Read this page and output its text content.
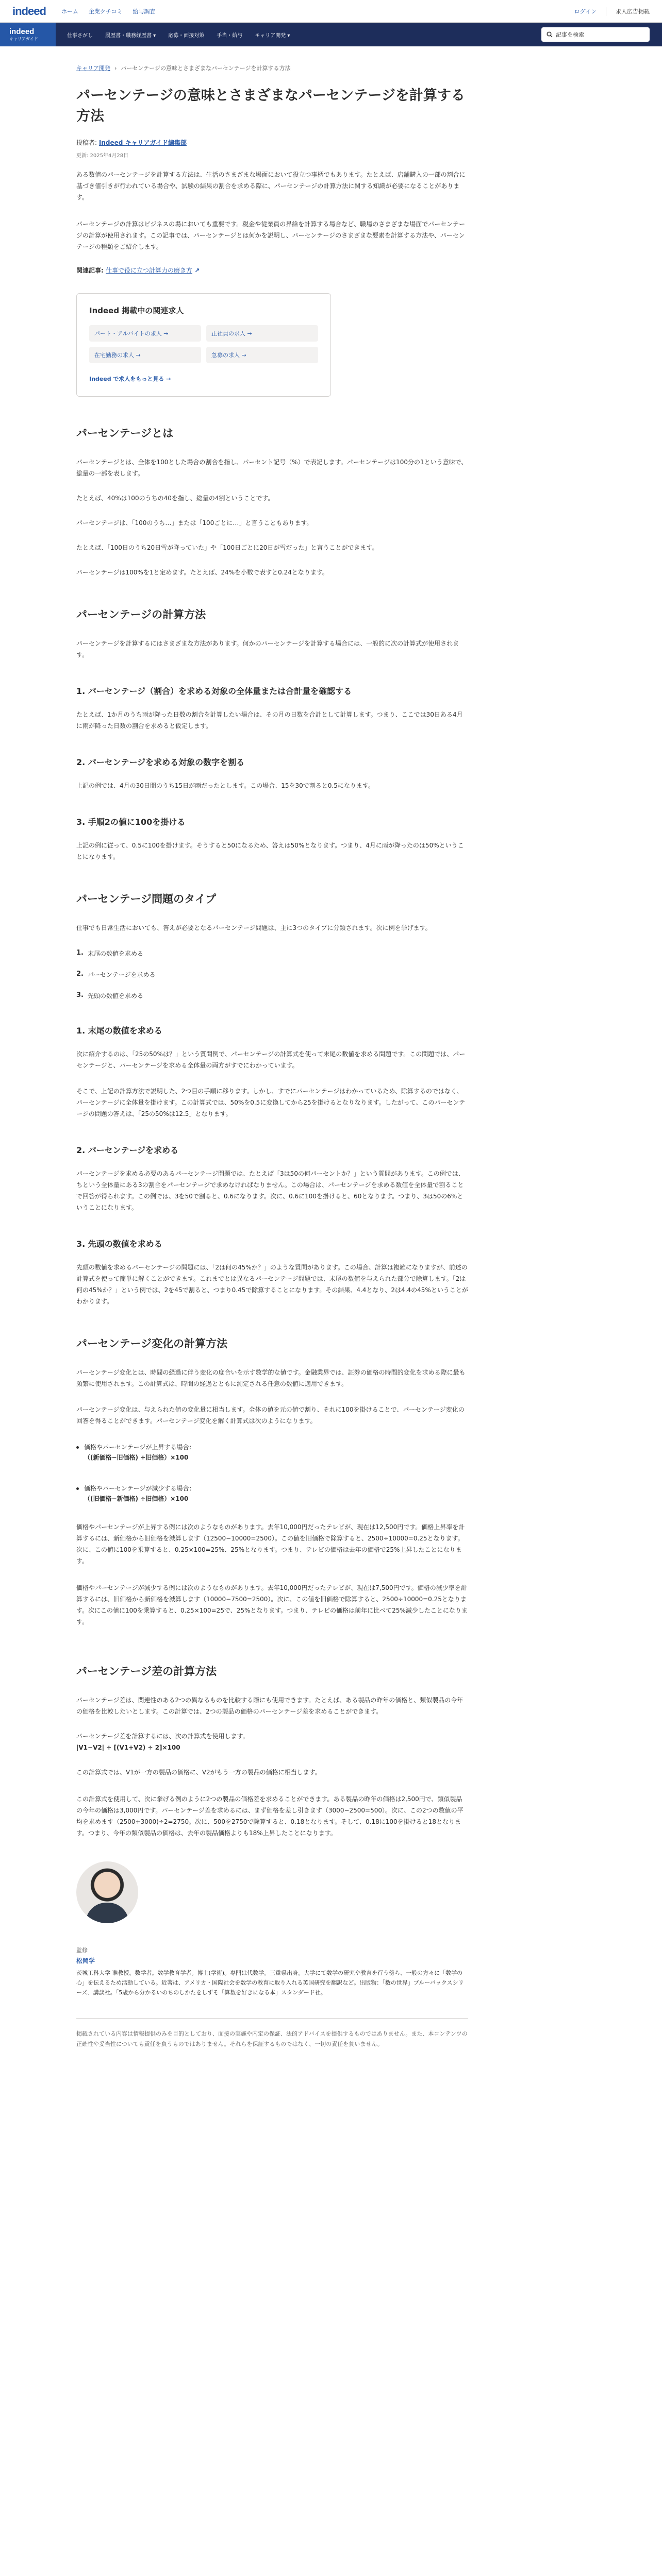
indeed	ホーム 企業クチコミ 給与調査	ログイン	求人広告掲載
indeed
キャリアガイド
仕事さがし	履歴書・職務経歴書 ▾	応募・面接対策	手当・給与	キャリア開発 ▾	記事を検索
キャリア開発 › パーセンテージの意味とさまざまなパーセンテージを計算する方法
パーセンテージの意味とさまざまなパーセンテージを計算する方法
投稿者: Indeed キャリアガイド編集部
更新: 2025年4月28日

ある数値のパーセンテージを計算する方法は、生活のさまざまな場面において役立つ事柄でもあります。たとえば、店舗購入の一部の割合に基づき値引きが行われている場合や、試験の結果の割合を求める際に、パーセンテージの計算方法に関する知識が必要になることがあります。

パーセンテージの計算はビジネスの場においても重要です。税金や従業員の昇給を計算する場合など、職場のさまざまな場面でパーセンテージの計算が使用されます。この記事では、パーセンテージとは何かを説明し、パーセンテージのさまざまな要素を計算する方法や、パーセンテージの種類をご紹介します。

関連記事: 仕事で役に立つ計算力の磨き方 ↗
Indeed 掲載中の関連求人
パート・アルバイトの求人 →	正社員の求人 →
在宅勤務の求人 →	急募の求人 →
Indeed で求人をもっと見る →
パーセンテージとは

パーセンテージとは、全体を100とした場合の割合を指し、パーセント記号（%）で表記します。パーセンテージは100分の1という意味で、総量の一部を表します。

たとえば、40%は100のうちの40を指し、総量の4割ということです。

パーセンテージは、「100のうち…」または「100ごとに…」と言うこともあります。

たとえば、「100日のうち20日雪が降っていた」や「100日ごとに20日が雪だった」と言うことができます。

パーセンテージは100%を1と定めます。たとえば、24%を小数で表すと0.24となります。

パーセンテージの計算方法

パーセンテージを計算するにはさまざまな方法があります。何かのパーセンテージを計算する場合には、一般的に次の計算式が使用されます。

1. パーセンテージ（割合）を求める対象の全体量または合計量を確認する

たとえば、1か月のうち雨が降った日数の割合を計算したい場合は、その月の日数を合計として計算します。つまり、ここでは30日ある4月に雨が降った日数の割合を求めると仮定します。

2. パーセンテージを求める対象の数字を割る

上記の例では、4月の30日間のうち15日が雨だったとします。この場合、15を30で割ると0.5になります。

3. 手順2の値に100を掛ける

上記の例に従って、0.5に100を掛けます。そうすると50になるため、答えは50%となります。つまり、4月に雨が降ったのは50%ということになります。

パーセンテージ問題のタイプ

仕事でも日常生活においても、答えが必要となるパーセンテージ問題は、主に3つのタイプに分類されます。次に例を挙げます。

1. 末尾の数値を求める
2. パーセンテージを求める
3. 先頭の数値を求める
1. 末尾の数値を求める

次に紹介するのは、「25の50%は？」という質問例で、パーセンテージの計算式を使って末尾の数値を求める問題です。この問題では、パーセンテージと、パーセンテージを求める全体量の両方がすでにわかっています。

そこで、上記の計算方法で説明した、2つ目の手順に移ります。しかし、すでにパーセンテージはわかっているため、除算するのではなく、パーセンテージに全体量を掛けます。この計算式では、50%を0.5に変換してから25を掛けるとなりなります。したがって、このパーセンテージの問題の答えは、「25の50%は12.5」となります。

2. パーセンテージを求める

パーセンテージを求める必要のあるパーセンテージ問題では、たとえば「3は50の何パーセントか？」という質問があります。この例では、ちという全体量にある3の割合をパーセンテージで求めなければなりません。この場合は、パーセンテージを求める数値を全体量で割ることで回答が得られます。この例では、3を50で割ると、0.6になります。次に、0.6に100を掛けると、60となります。つまり、3は50の6%ということになります。

3. 先頭の数値を求める

先頭の数値を求めるパーセンテージの問題には、「2は何の45%か？」のような質問があります。この場合、計算は複雑になりますが、前述の計算式を使って簡単に解くことができます。これまでとは異なるパーセンテージ問題では、末尾の数値を与えられた部分で除算します。「2は何の45%か？」という例では、2を45で割ると、つまり0.45で除算することになります。その結果、4.4となり、2は4.4の45%ということがわかります。

パーセンテージ変化の計算方法

パーセンテージ変化とは、時間の経過に伴う変化の度合いを示す数学的な値です。金融業界では、証券の価格の時間的変化を求める際に最も頻繁に使用されます。この計算式は、時間の経過とともに測定される任意の数値に適用できます。

パーセンテージ変化は、与えられた値の変化量に相当します。全体の値を元の値で割り、それに100を掛けることで、パーセンテージ変化の回答を得ることができます。パーセンテージ変化を解く計算式は次のようになります。

価格やパーセンテージが上昇する場合：
（(新価格−旧価格) ÷旧価格）×100
価格やパーセンテージが減少する場合：
（(旧価格−新価格) ÷旧価格）×100

価格やパーセンテージが上昇する例には次のようなものがあります。去年10,000円だったテレビが、現在は12,500円です。価格上昇率を計算するには、新価格から旧価格を減算します（12500−10000=2500）。この値を旧価格で除算すると、2500÷10000=0.25となります。次に、この値に100を乗算すると、0.25×100=25%、25%となります。つまり、テレビの価格は去年の価格で25%上昇したことになります。

価格やパーセンテージが減少する例には次のようなものがあります。去年10,000円だったテレビが、現在は7,500円です。価格の減少率を計算するには、旧価格から新価格を減算します（10000−7500=2500）。次に、この値を旧価格で除算すると、2500÷10000=0.25となります。次にこの値に100を乗算すると、0.25×100=25で、25%となります。つまり、テレビの価格は前年に比べて25%減少したことになります。

パーセンテージ差の計算方法

パーセンテージ差は、関連性のある2つの異なるものを比較する際にも使用できます。たとえば、ある製品の昨年の価格と、類似製品の今年の価格を比較したいとします。この計算では、2つの製品の価格のパーセンテージ差を求めることができます。

パーセンテージ差を計算するには、次の計算式を使用します。

|V1−V2| ÷ [(V1+V2) ÷ 2]×100

この計算式では、V1が一方の製品の価格に、V2がもう一方の製品の価格に相当します。

この計算式を使用して、次に挙げる例のように2つの製品の価格差を求めることができます。ある製品の昨年の価格は2,500円で、類似製品の今年の価格は3,000円です。パーセンテージ差を求めるには、まず価格を差し引きます（3000−2500=500）。次に、この2つの数値の平均を求めます（2500+3000)÷2=2750。次に、500を2750で除算すると、0.18となります。そして、0.18に100を掛けると18となります。つまり、今年の類似製品の価格は、去年の製品価格よりも18%上昇したことになります。

監修
松岡学
茨城工科大学 准教授。数学者。数学教育学者。博士(学術)。専門は代数学。三重県出身。大学にて数学の研究や教育を行う傍ら、一般の方々に「数学の心」を伝えるため活動している。近著は、アメリカ・国際社会を数学の教育に取り入れる英国研究を翻訳など。出版物：「数の世界」ブルーバックスシリーズ、講談社。「5歳から分かるいのちのしかたをしずそ「算数を好きになる本」スタンダード社。
掲載されている内容は情報提供のみを目的としており、面接の実施や内定の保証、法的アドバイスを提供するものではありません。また、本コンテンツの正確性や妥当性についても責任を負うものではありません。それらを保証するものではなく、一切の責任を負いません。
